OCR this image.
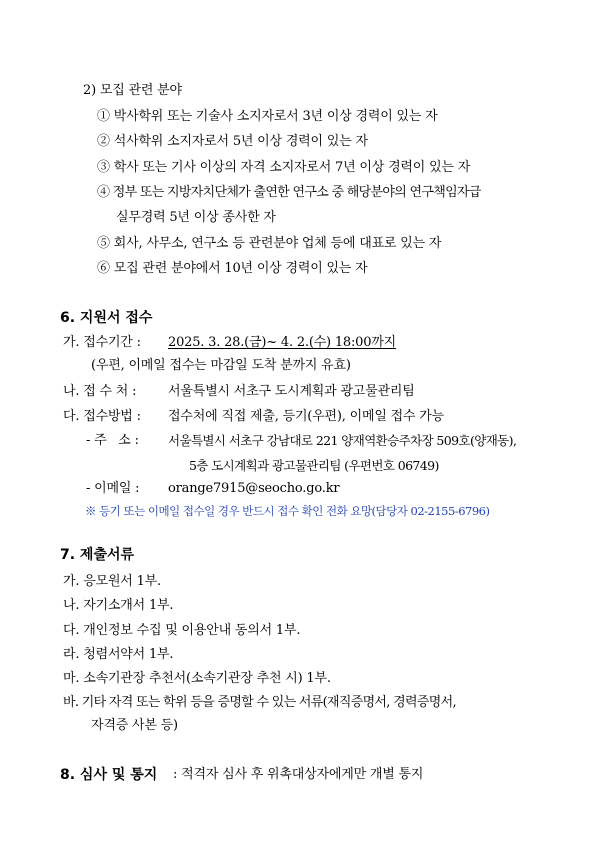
2) 모집 관련 분야
① 박사학위 또는 기술사 소지자로서 3년 이상 경력이 있는 자
② 석사학위 소지자로서 5년 이상 경력이 있는 자
③ 학사 또는 기사 이상의 자격 소지자로서 7년 이상 경력이 있는 자
④ 정부 또는 지방자치단체가 출연한 연구소 중 해당분야의 연구책임자급
실무경력 5년 이상 종사한 자
⑤ 회사, 사무소, 연구소 등 관련분야 업체 등에 대표로 있는 자
⑥ 모집 관련 분야에서 10년 이상 경력이 있는 자
6. 지원서 접수
가. 접수기간 : 2025. 3. 28.(금)~ 4. 2.(수) 18:00까지
(우편, 이메일 접수는 마감일 도착 분까지 유효)
나. 접 수 처 : 서울특별시 서초구 도시계획과 광고물관리팀
다. 접수방법 : 접수처에 직접 제출, 등기(우편), 이메일 접수 가능
- 주   소 : 서울특별시 서초구 강남대로 221 양재역환승주차장 509호(양재동),
5층 도시계획과 광고물관리팀 (우편번호 06749)
- 이메일 : orange7915@seocho.go.kr
※ 등기 또는 이메일 접수일 경우 반드시 접수 확인 전화 요망(담당자 02-2155-6796)
7. 제출서류
가. 응모원서 1부.
나. 자기소개서 1부.
다. 개인정보 수집 및 이용안내 동의서 1부.
라. 청렴서약서 1부.
마. 소속기관장 추천서(소속기관장 추천 시) 1부.
바. 기타 자격 또는 학위 등을 증명할 수 있는 서류(재직증명서, 경력증명서,
자격증 사본 등)
8. 심사 및 통지 : 적격자 심사 후 위촉대상자에게만 개별 통지
